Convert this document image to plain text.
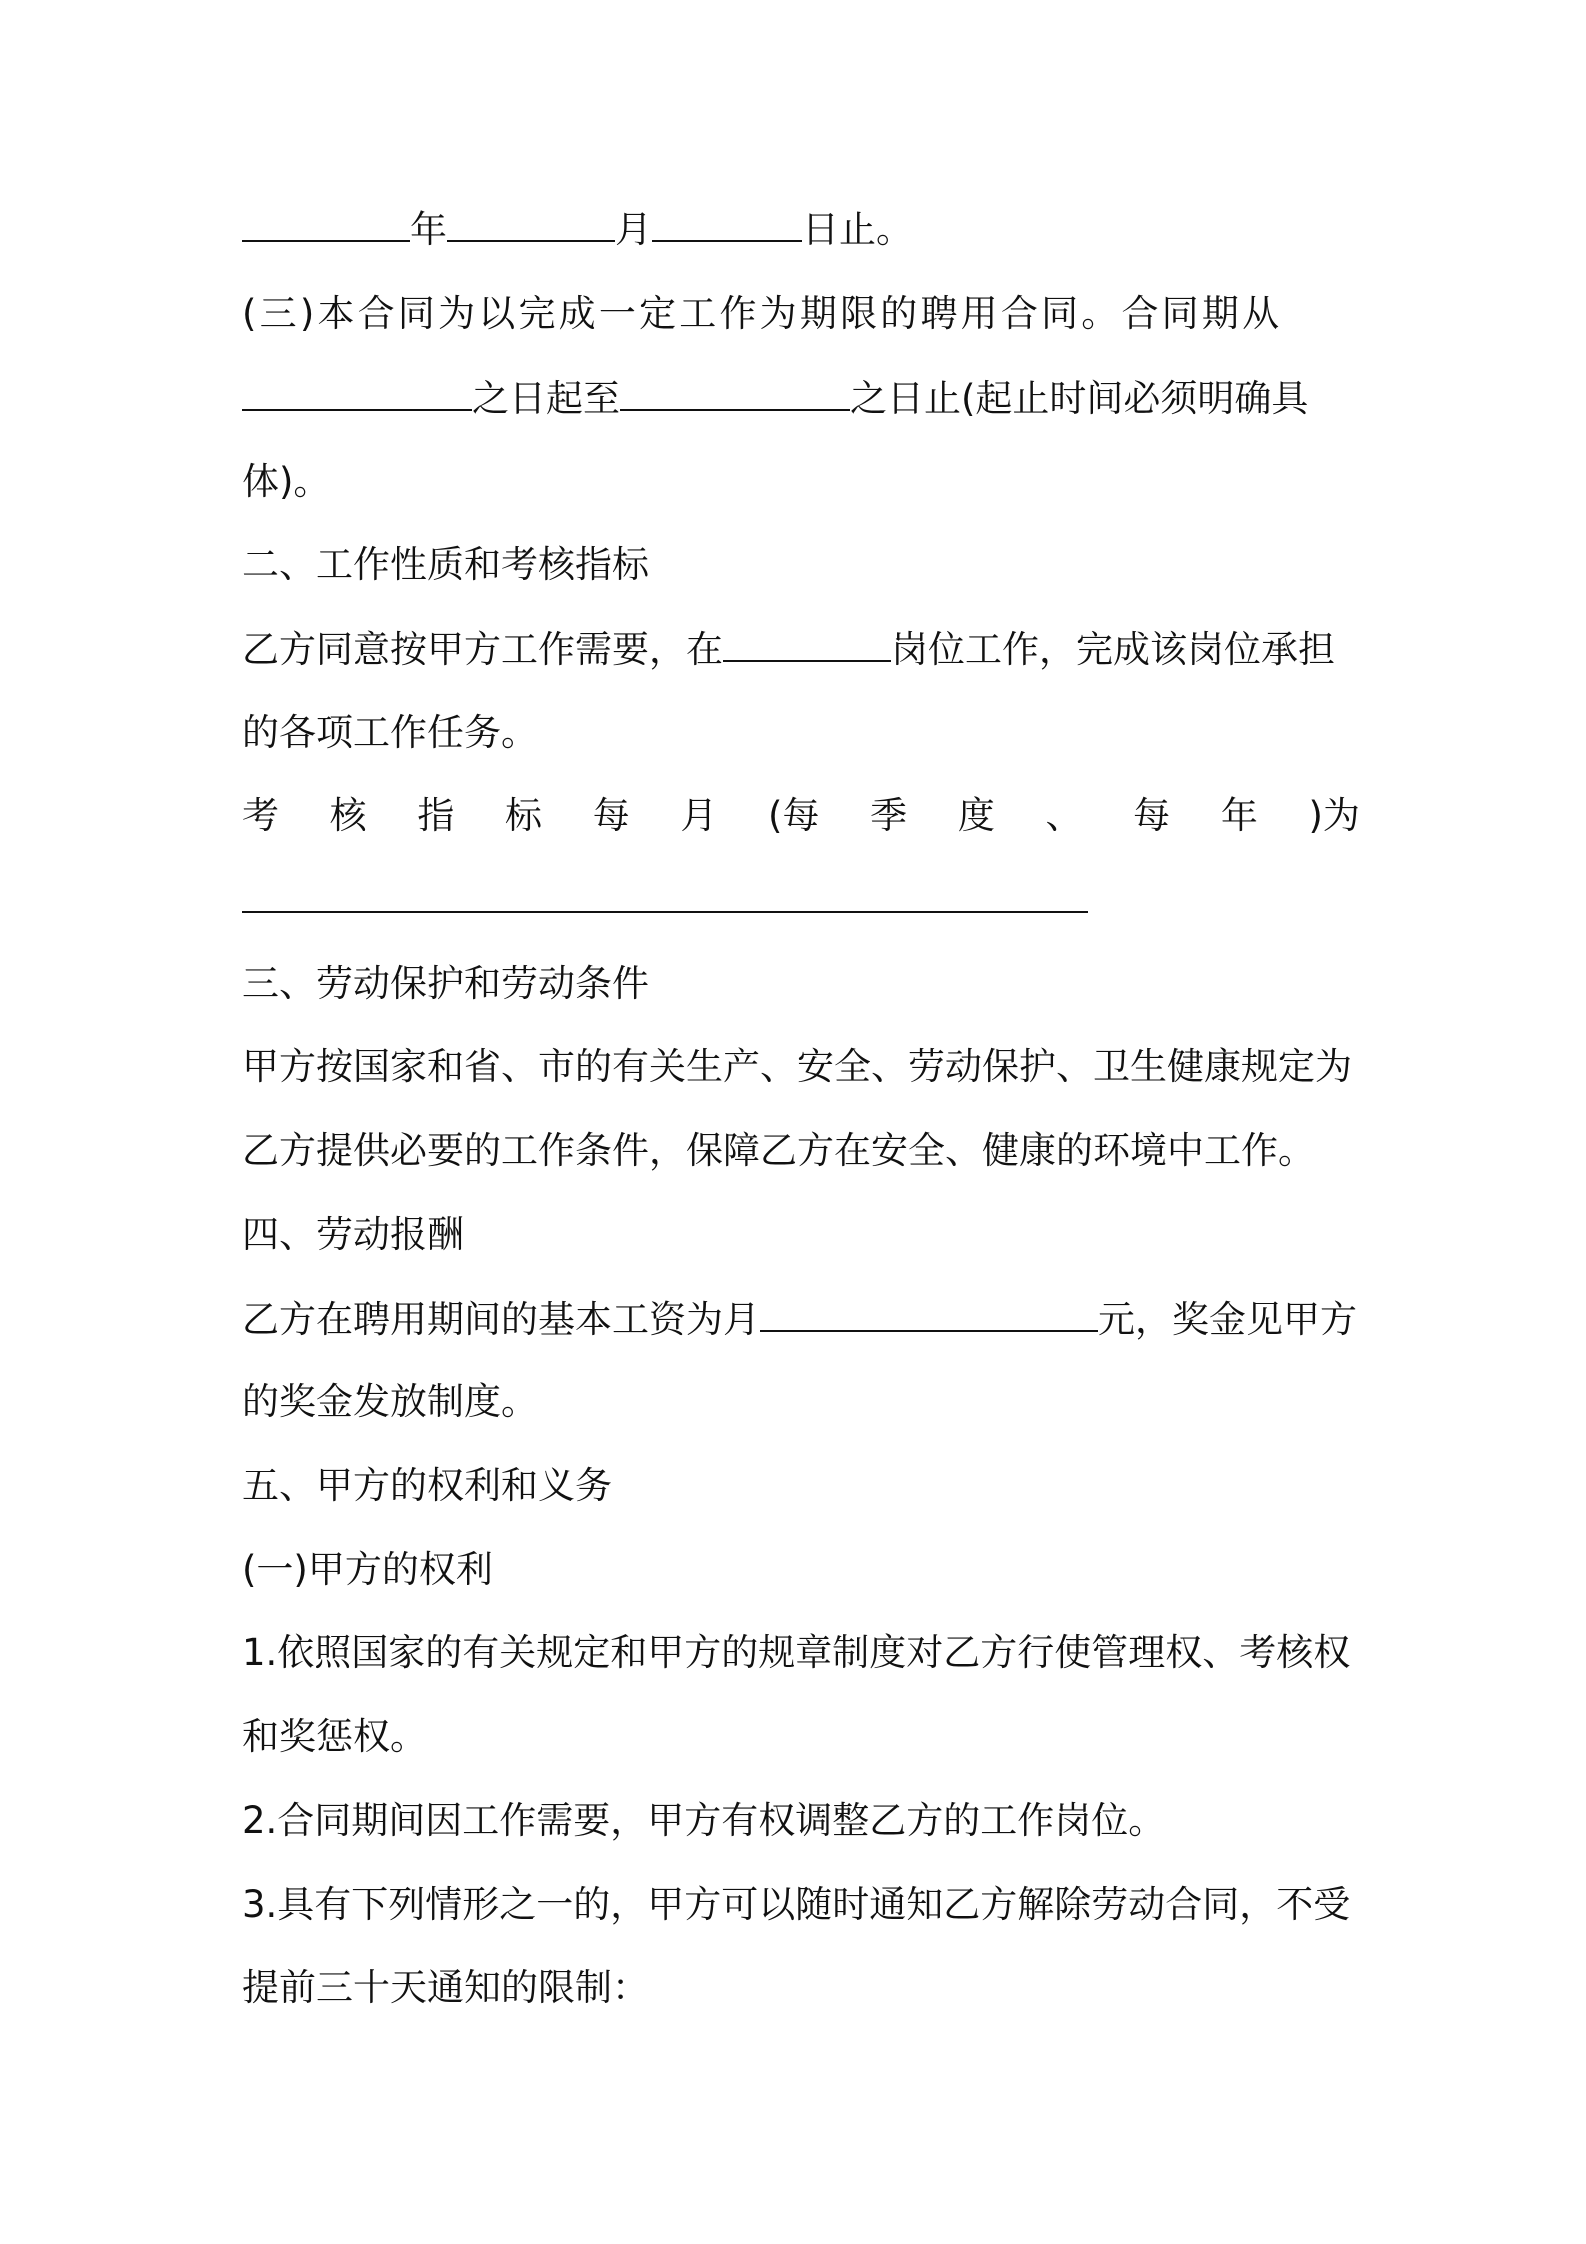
年	月	日止。
(三)本合同为以完成一定工作为期限的聘用合同。合同期从
之日起至	之日止(起止时间必须明确具
体)。
二、工作性质和考核指标
乙方同意按甲方工作需要，在	岗位工作，完成该岗位承担
的各项工作任务。
考 核 指 标 每 月 (每 季 度 、 每 年 )为
三、劳动保护和劳动条件
甲方按国家和省、市的有关生产、安全、劳动保护、卫生健康规定为
乙方提供必要的工作条件，保障乙方在安全、健康的环境中工作。
四、劳动报酬
乙方在聘用期间的基本工资为月	元，奖金见甲方
的奖金发放制度。
五、甲方的权利和义务
(一)甲方的权利
1.依照国家的有关规定和甲方的规章制度对乙方行使管理权、考核权
和奖惩权。
2.合同期间因工作需要，甲方有权调整乙方的工作岗位。
3.具有下列情形之一的，甲方可以随时通知乙方解除劳动合同，不受
提前三十天通知的限制：
